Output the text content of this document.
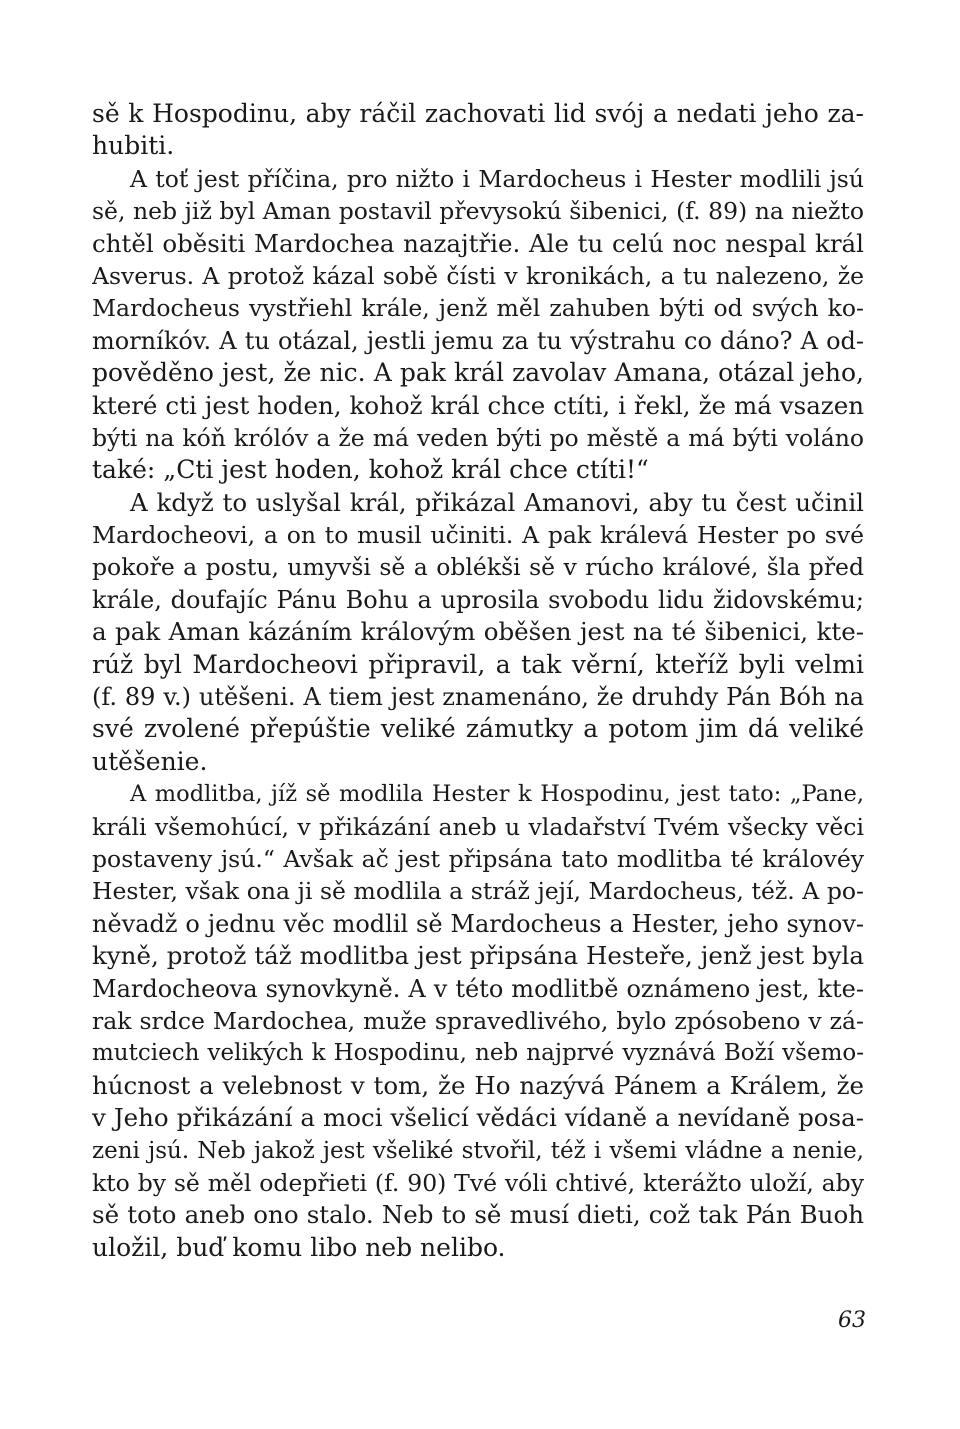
sě k Hospodinu, aby ráčil zachovati lid svój a nedati jeho za-
hubiti.
A toť jest příčina, pro nižto i Mardocheus i Hester modlili jsú
sě, neb již byl Aman postavil převysokú šibenici, (f. 89) na niežto
chtěl oběsiti Mardochea nazajtřie. Ale tu celú noc nespal král
Asverus. A protož kázal sobě čísti v kronikách, a tu nalezeno, že
Mardocheus vystřiehl krále, jenž měl zahuben býti od svých ko-
morníkóv. A tu otázal, jestli jemu za tu výstrahu co dáno? A od-
pověděno jest, že nic. A pak král zavolav Amana, otázal jeho,
které cti jest hoden, kohož král chce ctíti, i řekl, že má vsazen
býti na kóň królóv a že má veden býti po městě a má býti voláno
také: „Cti jest hoden, kohož král chce ctíti!“
A když to uslyšal král, přikázal Amanovi, aby tu čest učinil
Mardocheovi, a on to musil učiniti. A pak králevá Hester po své
pokoře a postu, umyvši sě a oblékši sě v rúcho králové, šla před
krále, doufajíc Pánu Bohu a uprosila svobodu lidu židovskému;
a pak Aman kázáním královým oběšen jest na té šibenici, kte-
rúž byl Mardocheovi připravil, a tak věrní, kteříž byli velmi
(f. 89 v.) utěšeni. A tiem jest znamenáno, že druhdy Pán Bóh na
své zvolené přepúštie veliké zámutky a potom jim dá veliké
utěšenie.
A modlitba, jíž sě modlila Hester k Hospodinu, jest tato: „Pane,
králi všemohúcí, v přikázání aneb u vladařství Tvém všecky věci
postaveny jsú.“ Avšak ač jest připsána tato modlitba té královéy
Hester, však ona ji sě modlila a stráž její, Mardocheus, též. A po-
něvadž o jednu věc modlil sě Mardocheus a Hester, jeho synov-
kyně, protož táž modlitba jest připsána Hesteře, jenž jest byla
Mardocheova synovkyně. A v této modlitbě oznámeno jest, kte-
rak srdce Mardochea, muže spravedlivého, bylo zpósobeno v zá-
mutciech velikých k Hospodinu, neb najprvé vyznává Boží všemo-
húcnost a velebnost v tom, že Ho nazývá Pánem a Králem, že
v Jeho přikázání a moci všelicí vědáci vídaně a nevídaně posa-
zeni jsú. Neb jakož jest všeliké stvořil, též i všemi vládne a nenie,
kto by sě měl odepřieti (f. 90) Tvé vóli chtivé, kterážto uloží, aby
sě toto aneb ono stalo. Neb to sě musí dieti, což tak Pán Buoh
uložil, buď komu libo neb nelibo.
63
